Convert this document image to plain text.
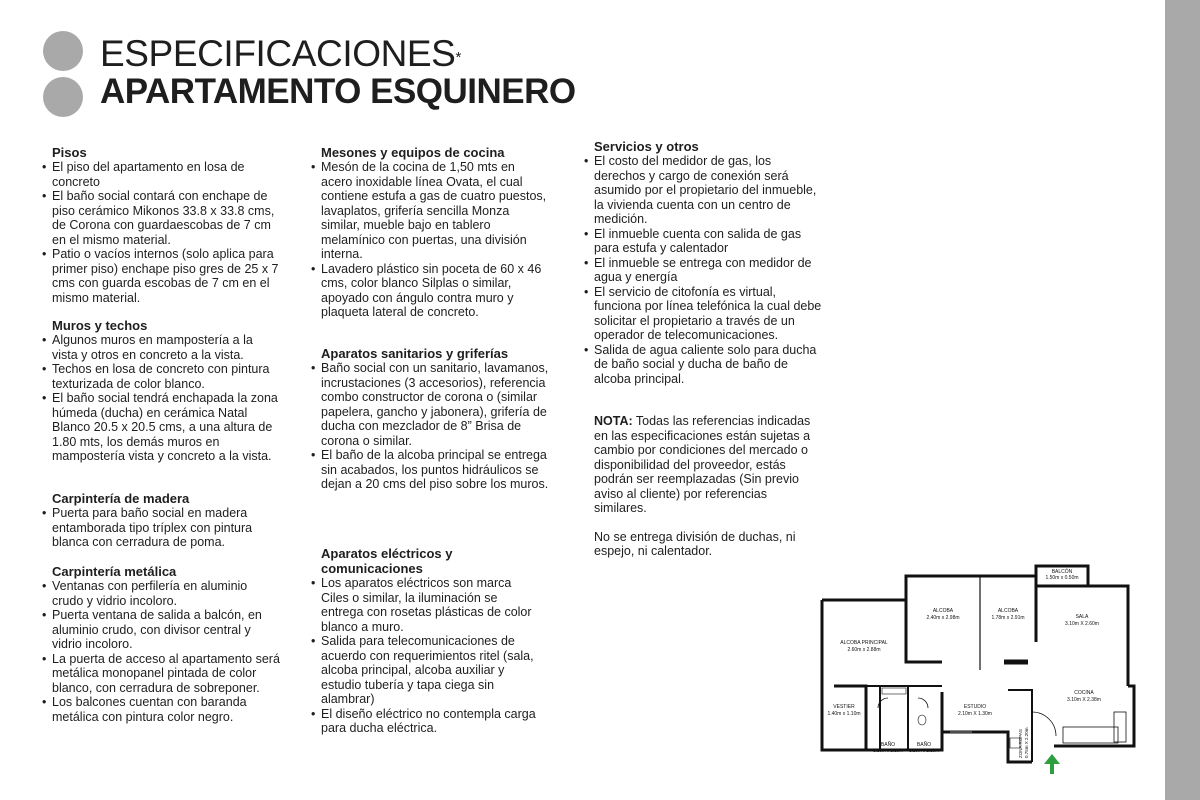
ESPECIFICACIONES*
APARTAMENTO ESQUINERO
Pisos
• El piso del apartamento en losa de concreto
• El baño social contará con enchape de piso cerámico Mikonos 33.8 x 33.8 cms, de Corona con guardaescobas de 7 cm en el mismo material.
• Patio o vacíos internos (solo aplica para primer piso) enchape piso gres de 25 x 7 cms con guarda escobas de 7 cm en el mismo material.
Muros y techos
• Algunos muros en mampostería a la vista y otros en concreto a la vista.
• Techos en losa de concreto con pintura texturizada de color blanco.
• El baño social tendrá enchapada la zona húmeda (ducha) en cerámica Natal Blanco 20.5 x 20.5 cms, a una altura de 1.80 mts, los demás muros en mampostería vista y concreto a la vista.
Carpintería de madera
• Puerta para baño social en madera entamborada tipo tríplex con pintura blanca con cerradura de poma.
Carpintería metálica
• Ventanas con perfilería en aluminio crudo y vidrio incoloro.
• Puerta ventana de salida a balcón, en aluminio crudo, con divisor central y vidrio incoloro.
• La puerta de acceso al apartamento será metálica monopanel pintada de color blanco, con cerradura de sobreponer.
• Los balcones cuentan con baranda metálica con pintura color negro.
Mesones y equipos de cocina
• Mesón de la cocina de 1,50 mts en acero inoxidable línea Ovata, el cual contiene estufa a gas de cuatro puestos, lavaplatos, grifería sencilla Monza similar, mueble bajo en tablero melamínico con puertas, una división interna.
• Lavadero plástico sin poceta de 60 x 46 cms, color blanco Silplas o similar, apoyado con ángulo contra muro y plaqueta lateral de concreto.
Aparatos sanitarios y griferías
• Baño social con un sanitario, lavamanos, incrustaciones (3 accesorios), referencia combo constructor de corona o (similar papelera, gancho y jabonera), grifería de ducha con mezclador de 8” Brisa de corona o similar.
• El baño de la alcoba principal se entrega sin acabados, los puntos hidráulicos se dejan a 20 cms del piso sobre los muros.
Aparatos eléctricos y comunicaciones
• Los aparatos eléctricos son marca Ciles o similar, la iluminación se entrega con rosetas plásticas de color blanco a muro.
• Salida para telecomunicaciones de acuerdo con requerimientos ritel (sala, alcoba principal, alcoba auxiliar y estudio tubería y tapa ciega sin alambrar)
• El diseño eléctrico no contempla carga para ducha eléctrica.
Servicios y otros
• El costo del medidor de gas, los derechos y cargo de conexión será asumido por el propietario del inmueble, la vivienda cuenta con un centro de medición.
• El inmueble cuenta con salida de gas para estufa y calentador
• El inmueble se entrega con medidor de agua y energía
• El servicio de citofonía es virtual, funciona por línea telefónica la cual debe solicitar el propietario a través de un operador de telecomunicaciones.
• Salida de agua caliente solo para ducha de baño social y ducha de baño de alcoba principal.

NOTA: Todas las referencias indicadas en las especificaciones están sujetas a cambio por condiciones del mercado o disponibilidad del proveedor, estás podrán ser reemplazadas (Sin previo aviso al cliente) por referencias similares.

No se entrega división de duchas, ni espejo, ni calentador.

BALCÓN
1.50m x 0.50m
ALCOBA
2.40m x 2.98m
ALCOBA
1.78m x 2.91m	SALA
3.10m X 2.60m
ALCOBA PRINCIPAL
2.60m x 2.88m
COCINA
3.10m X 2.38m
VESTIER
1.40m x 1.10m
ESTUDIO
2.10m X 1.30m
BAÑO
1.10m x 2.10m
BAÑO
1.10m x 2.10m	ZONA ROPAS 0.75m X 2.20m
